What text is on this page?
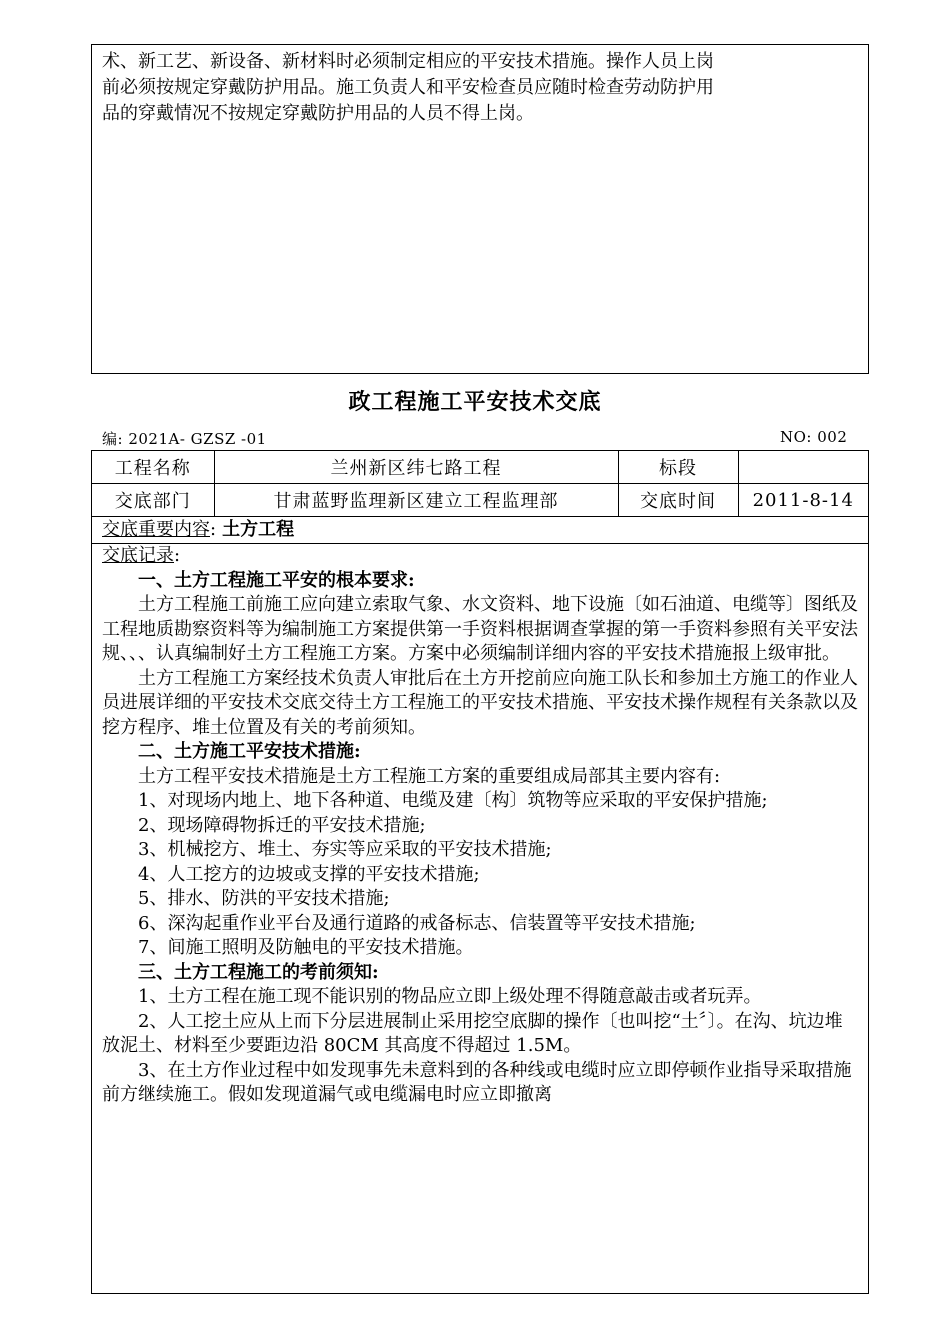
术、新工艺、新设备、新材料时必须制定相应的平安技术措施。操作人员上岗
前必须按规定穿戴防护用品。施工负责人和平安检查员应随时检查劳动防护用
品的穿戴情况不按规定穿戴防护用品的人员不得上岗。
政工程施工平安技术交底
编: 2021A- GZSZ -01	NO: 002
工程名称	兰州新区纬七路工程	标段	
交底部门	甘肃蓝野监理新区建立工程监理部	交底时间	2011-8-14
交底重要内容: 土方工程
交底记录:

一、土方工程施工平安的根本要求:

土方工程施工前施工应向建立索取气象、水文资料、地下设施〔如石油道、电缆等〕图纸及工程地质勘察资料等为编制施工方案提供第一手资料根据调查掌握的第一手资料参照有关平安法规、、、认真编制好土方工程施工方案。方案中必须编制详细内容的平安技术措施报上级审批。

土方工程施工方案经技术负责人审批后在土方开挖前应向施工队长和参加土方施工的作业人员进展详细的平安技术交底交待土方工程施工的平安技术措施、平安技术操作规程有关条款以及挖方程序、堆土位置及有关的考前须知。

二、土方施工平安技术措施:

土方工程平安技术措施是土方工程施工方案的重要组成局部其主要内容有:

1、对现场内地上、地下各种道、电缆及建〔构〕筑物等应采取的平安保护措施;

2、现场障碍物拆迁的平安技术措施;

3、机械挖方、堆土、夯实等应采取的平安技术措施;

4、人工挖方的边坡或支撑的平安技术措施;

5、排水、防洪的平安技术措施;

6、深沟起重作业平台及通行道路的戒备标志、信装置等平安技术措施;

7、间施工照明及防触电的平安技术措施。

三、土方工程施工的考前须知:

1、土方工程在施工现不能识别的物品应立即上级处理不得随意敲击或者玩弄。

2、人工挖土应从上而下分层进展制止采用挖空底脚的操作〔也叫挖“土〞〕。在沟、坑边堆放泥土、材料至少要距边沿 80CM 其高度不得超过 1.5M。

3、在土方作业过程中如发现事先未意料到的各种线或电缆时应立即停顿作业指导采取措施前方继续施工。假如发现道漏气或电缆漏电时应立即撤离
